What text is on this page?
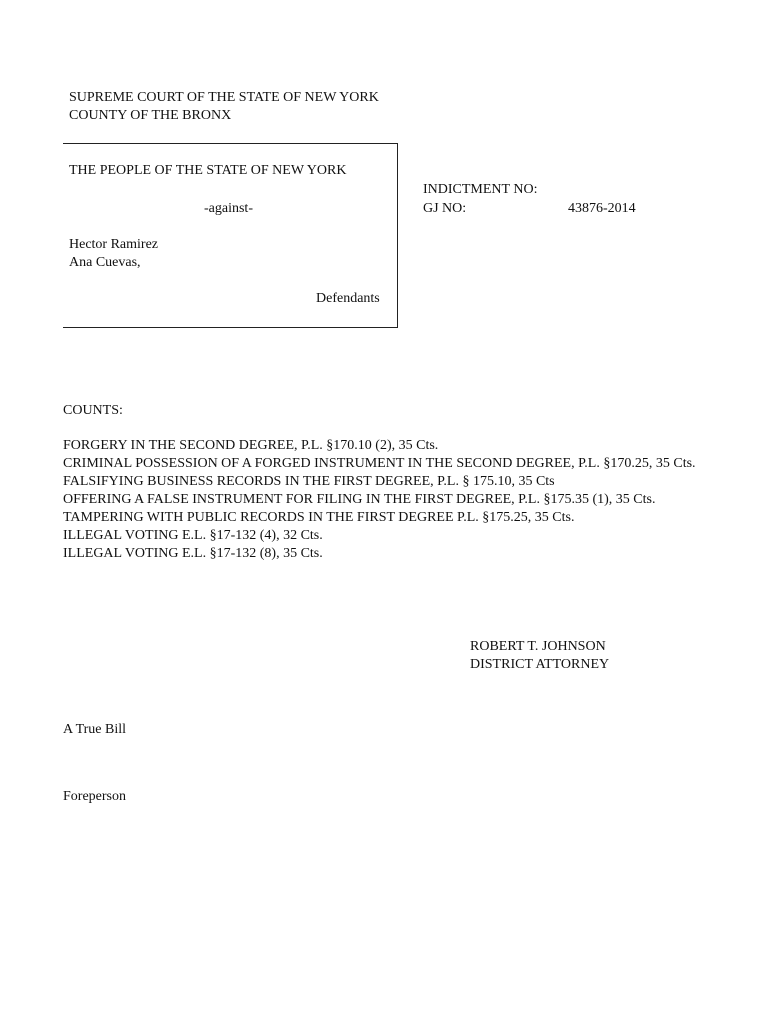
SUPREME COURT OF THE STATE OF NEW YORK
COUNTY OF THE BRONX
THE PEOPLE OF THE STATE OF NEW YORK
-against-
Hector Ramirez
Ana Cuevas,
Defendants
INDICTMENT NO:
GJ NO:	43876-2014
COUNTS:
FORGERY IN THE SECOND DEGREE, P.L. §170.10 (2), 35 Cts.
CRIMINAL POSSESSION OF A FORGED INSTRUMENT IN THE SECOND DEGREE, P.L. §170.25, 35 Cts.
FALSIFYING BUSINESS RECORDS IN THE FIRST DEGREE, P.L. § 175.10, 35 Cts
OFFERING A FALSE INSTRUMENT FOR FILING IN THE FIRST DEGREE, P.L. §175.35 (1), 35 Cts.
TAMPERING WITH PUBLIC RECORDS IN THE FIRST DEGREE P.L. §175.25, 35 Cts.
ILLEGAL VOTING E.L. §17-132 (4), 32 Cts.
ILLEGAL VOTING E.L. §17-132 (8), 35 Cts.
ROBERT T. JOHNSON
DISTRICT ATTORNEY
A True Bill
Foreperson
